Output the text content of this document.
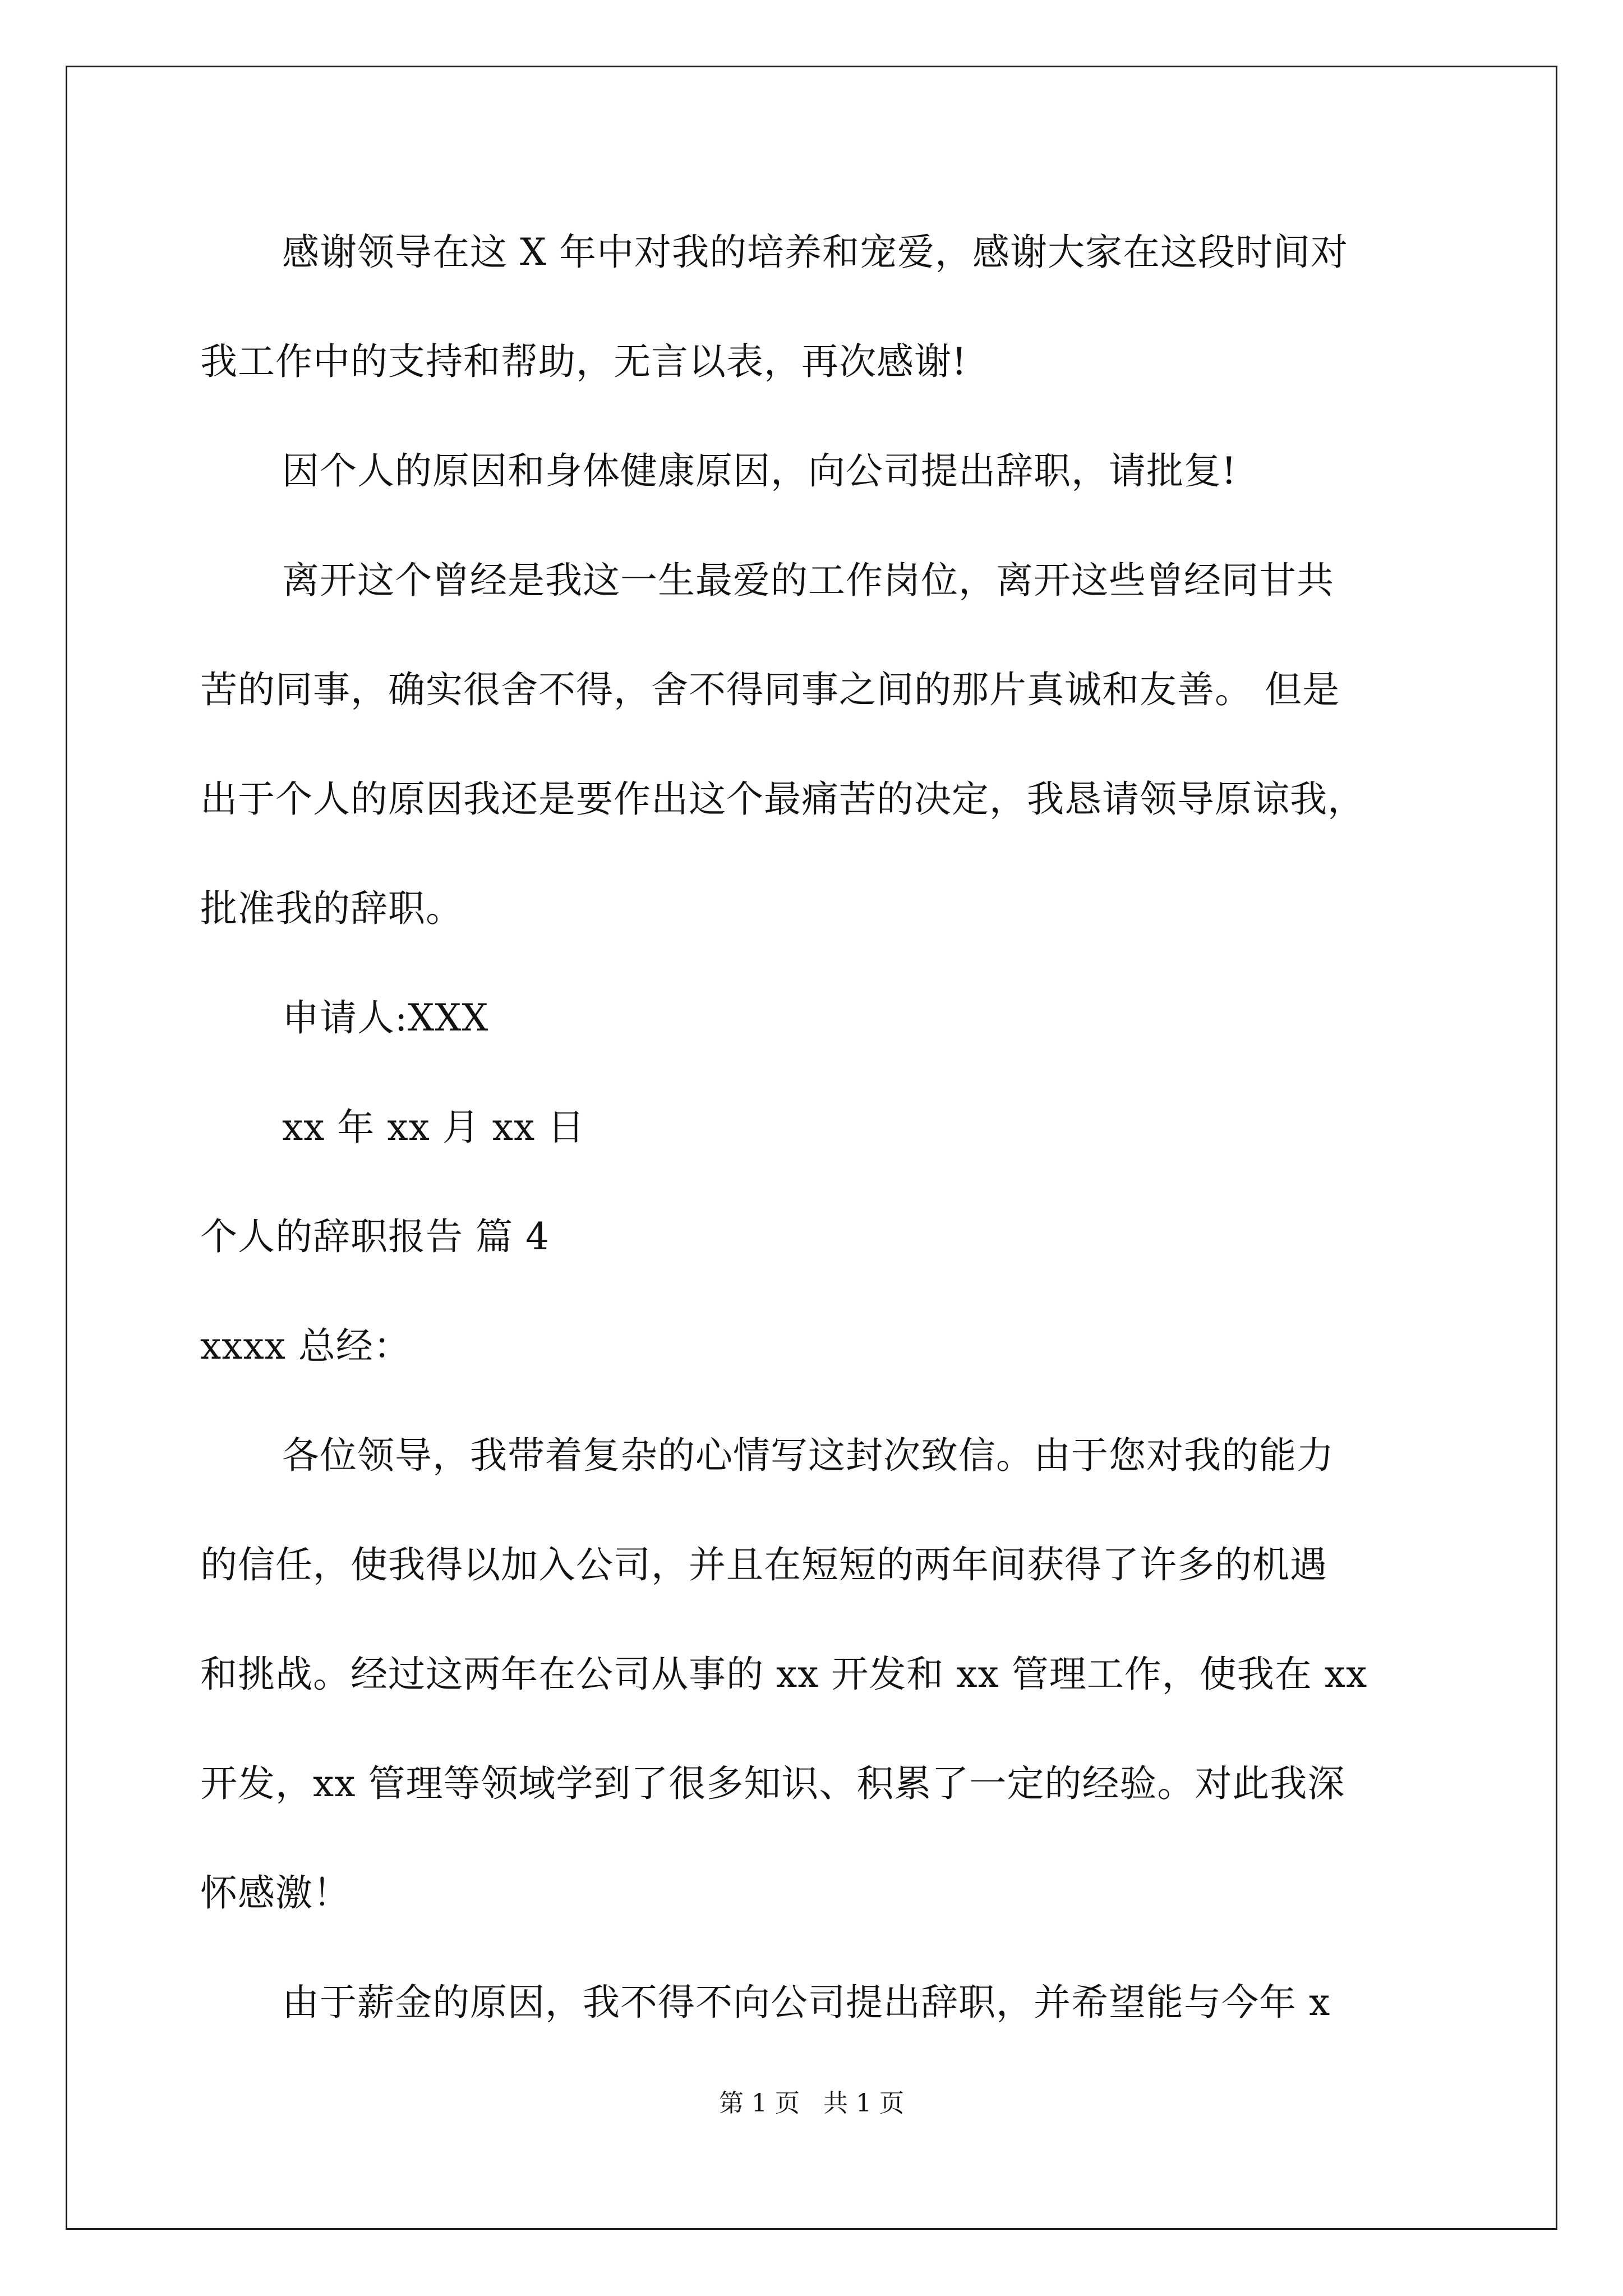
感谢领导在这 X 年中对我的培养和宠爱，感谢大家在这段时间对
我工作中的支持和帮助，无言以表，再次感谢!
因个人的原因和身体健康原因，向公司提出辞职，请批复!
离开这个曾经是我这一生最爱的工作岗位，离开这些曾经同甘共
苦的同事，确实很舍不得，舍不得同事之间的那片真诚和友善。 但是
出于个人的原因我还是要作出这个最痛苦的决定，我恳请领导原谅我，
批准我的辞职。
申请人:XXX
xx 年 xx 月 xx 日
个人的辞职报告 篇 4
xxxx 总经：
各位领导，我带着复杂的心情写这封次致信。由于您对我的能力
的信任，使我得以加入公司，并且在短短的两年间获得了许多的机遇
和挑战。经过这两年在公司从事的 xx 开发和 xx 管理工作，使我在 xx
开发，xx 管理等领域学到了很多知识、积累了一定的经验。对此我深
怀感激！
由于薪金的原因，我不得不向公司提出辞职，并希望能与今年 x
第 1 页   共 1 页
